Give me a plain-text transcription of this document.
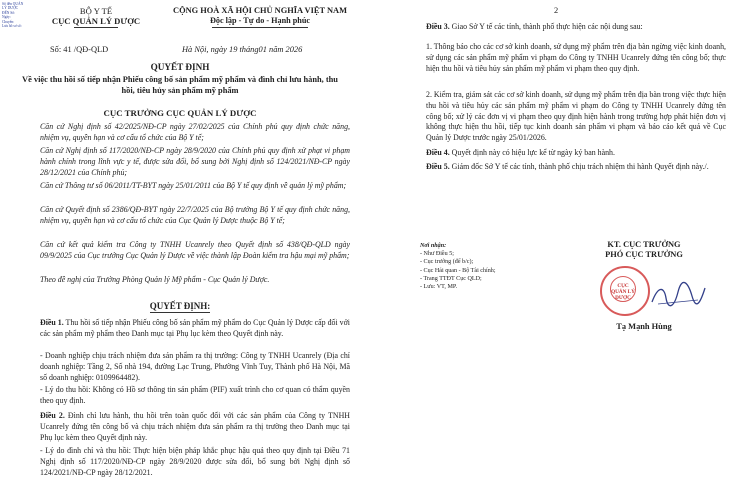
Số đến QUẢN
LÝ DƯỢC
ĐẾN Số:
Ngày:
Chuyển:
Lưu hồ sơ số:
BỘ Y TẾ
CỤC QUẢN LÝ DƯỢC
CỘNG HOÀ XÃ HỘI CHỦ NGHĨA VIỆT NAM
Độc lập - Tự do - Hạnh phúc
Số: 41 /QĐ-QLD	Hà Nội, ngày 19 tháng01 năm 2026
QUYẾT ĐỊNH
Về việc thu hồi số tiếp nhận Phiếu công bố sản phẩm mỹ phẩm và đình chỉ lưu hành, thu hồi, tiêu hủy sản phẩm mỹ phẩm
CỤC TRƯỞNG CỤC QUẢN LÝ DƯỢC
Căn cứ Nghị định số 42/2025/NĐ-CP ngày 27/02/2025 của Chính phủ quy định chức năng, nhiệm vụ, quyền hạn và cơ cấu tổ chức của Bộ Y tế;
Căn cứ Nghị định số 117/2020/NĐ-CP ngày 28/9/2020 của Chính phủ quy định xử phạt vi phạm hành chính trong lĩnh vực y tế, được sửa đổi, bổ sung bởi Nghị định số 124/2021/NĐ-CP ngày 28/12/2021 của Chính phủ;
Căn cứ Thông tư số 06/2011/TT-BYT ngày 25/01/2011 của Bộ Y tế quy định về quản lý mỹ phẩm;
Căn cứ Quyết định số 2386/QĐ-BYT ngày 22/7/2025 của Bộ trưởng Bộ Y tế quy định chức năng, nhiệm vụ, quyền hạn và cơ cấu tổ chức của Cục Quản lý Dược thuộc Bộ Y tế;
Căn cứ kết quả kiểm tra Công ty TNHH Ucanrely theo Quyết định số 438/QĐ-QLD ngày 09/9/2025 của Cục trưởng Cục Quản lý Dược về việc thành lập Đoàn kiểm tra hậu mại mỹ phẩm;
Theo đề nghị của Trưởng Phòng Quản lý Mỹ phẩm - Cục Quản lý Dược.
QUYẾT ĐỊNH:
Điều 1. Thu hồi số tiếp nhận Phiếu công bố sản phẩm mỹ phẩm do Cục Quản lý Dược cấp đối với các sản phẩm mỹ phẩm theo Danh mục tại Phụ lục kèm theo Quyết định này.
- Doanh nghiệp chịu trách nhiệm đưa sản phẩm ra thị trường: Công ty TNHH Ucanrely (Địa chỉ doanh nghiệp: Tầng 2, Số nhà 194, đường Lạc Trung, Phường Vĩnh Tuy, Thành phố Hà Nội, Mã số doanh nghiệp: 0109964482).
- Lý do thu hồi: Không có Hồ sơ thông tin sản phẩm (PIF) xuất trình cho cơ quan có thẩm quyền theo quy định.
Điều 2. Đình chỉ lưu hành, thu hồi trên toàn quốc đối với các sản phẩm của Công ty TNHH Ucanrely đứng tên công bố và chịu trách nhiệm đưa sản phẩm ra thị trường theo Danh mục tại Phụ lục kèm theo Quyết định này.
- Lý do đình chỉ và thu hồi: Thực hiện biện pháp khắc phục hậu quả theo quy định tại Điều 71 Nghị định số 117/2020/NĐ-CP ngày 28/9/2020 được sửa đổi, bổ sung bởi Nghị định số 124/2021/NĐ-CP ngày 28/12/2021.
2
Điều 3. Giao Sở Y tế các tỉnh, thành phố thực hiện các nội dung sau:
1. Thông báo cho các cơ sở kinh doanh, sử dụng mỹ phẩm trên địa bàn ngừng việc kinh doanh, sử dụng các sản phẩm mỹ phẩm vi phạm do Công ty TNHH Ucanrely đứng tên công bố; thực hiện thu hồi và tiêu hủy sản phẩm mỹ phẩm vi phạm theo quy định.
2. Kiểm tra, giám sát các cơ sở kinh doanh, sử dụng mỹ phẩm trên địa bàn trong việc thực hiện thu hồi và tiêu hủy các sản phẩm mỹ phẩm vi phạm do Công ty TNHH Ucanrely đứng tên công bố; xử lý các đơn vị vi phạm theo quy định hiện hành trong trường hợp phát hiện đơn vị không thực hiện thu hồi, tiếp tục kinh doanh sản phẩm vi phạm và báo cáo kết quả về Cục Quản lý Dược trước ngày 25/01/2026.
Điều 4. Quyết định này có hiệu lực kể từ ngày ký ban hành.
Điều 5. Giám đốc Sở Y tế các tỉnh, thành phố chịu trách nhiệm thi hành Quyết định này./.
Nơi nhận:
- Như Điều 5;
- Cục trưởng (để b/c);
- Cục Hải quan - Bộ Tài chính;
- Trang TTĐT Cục QLD;
- Lưu: VT, MP.
KT. CỤC TRƯỞNG
PHÓ CỤC TRƯỞNG
CỤC
QUẢN LÝ
DƯỢC
Tạ Mạnh Hùng
